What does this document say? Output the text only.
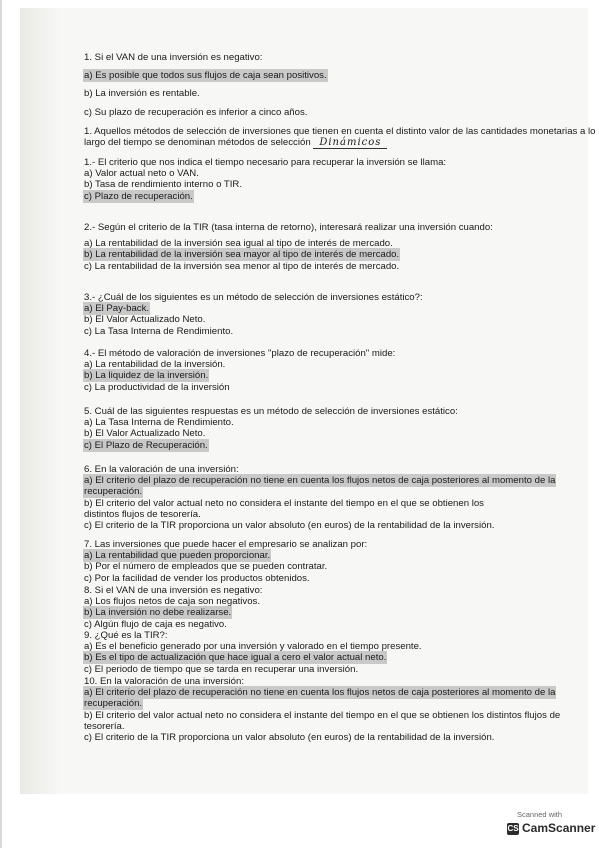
1. Si el VAN de una inversión es negativo:

a) Es posible que todos sus flujos de caja sean positivos.

b) La inversión es rentable.

c) Su plazo de recuperación es inferior a cinco años.

1. Aquellos métodos de selección de inversiones que tienen en cuenta el distinto valor de las cantidades monetarias a lo

largo del tiempo se denominan métodos de selección Dinámicos

1.- El criterio que nos indica el tiempo necesario para recuperar la inversión se llama:

a) Valor actual neto o VAN.

b) Tasa de rendimiento interno o TIR.

c) Plazo de recuperación.

2.- Según el criterio de la TIR (tasa interna de retorno), interesará realizar una inversión cuando:

a) La rentabilidad de la inversión sea igual al tipo de interés de mercado.

b) La rentabilidad de la inversión sea mayor al tipo de interés de mercado.

c) La rentabilidad de la inversión sea menor al tipo de interés de mercado.

3.- ¿Cuál de los siguientes es un método de selección de inversiones estático?:

a) El Pay-back.

b) El Valor Actualizado Neto.

c) La Tasa Interna de Rendimiento.

4.- El método de valoración de inversiones "plazo de recuperación" mide:

a) La rentabilidad de la inversión.

b) La liquidez de la inversión.

c) La productividad de la inversión

5. Cuál de las siguientes respuestas es un método de selección de inversiones estático:

a) La Tasa Interna de Rendimiento.

b) El Valor Actualizado Neto.

c) El Plazo de Recuperación.

6. En la valoración de una inversión:

a) El criterio del plazo de recuperación no tiene en cuenta los flujos netos de caja posteriores al momento de la

recuperación.

b) El criterio del valor actual neto no considera el instante del tiempo en el que se obtienen los

distintos flujos de tesorería.

c) El criterio de la TIR proporciona un valor absoluto (en euros) de la rentabilidad de la inversión.

7. Las inversiones que puede hacer el empresario se analizan por:

a) La rentabilidad que pueden proporcionar.

b) Por el número de empleados que se pueden contratar.

c) Por la facilidad de vender los productos obtenidos.

8. Si el VAN de una inversión es negativo:

a) Los flujos netos de caja son negativos.

b) La inversión no debe realizarse.

c) Algún flujo de caja es negativo.

9. ¿Qué es la TIR?:

a) Es el beneficio generado por una inversión y valorado en el tiempo presente.

b) Es el tipo de actualización que hace igual a cero el valor actual neto.

c) El periodo de tiempo que se tarda en recuperar una inversión.

10. En la valoración de una inversión:

a) El criterio del plazo de recuperación no tiene en cuenta los flujos netos de caja posteriores al momento de la

recuperación.

b) El criterio del valor actual neto no considera el instante del tiempo en el que se obtienen los distintos flujos de

tesorería.

c) El criterio de la TIR proporciona un valor absoluto (en euros) de la rentabilidad de la inversión.

Scanned with
CS CamScanner
